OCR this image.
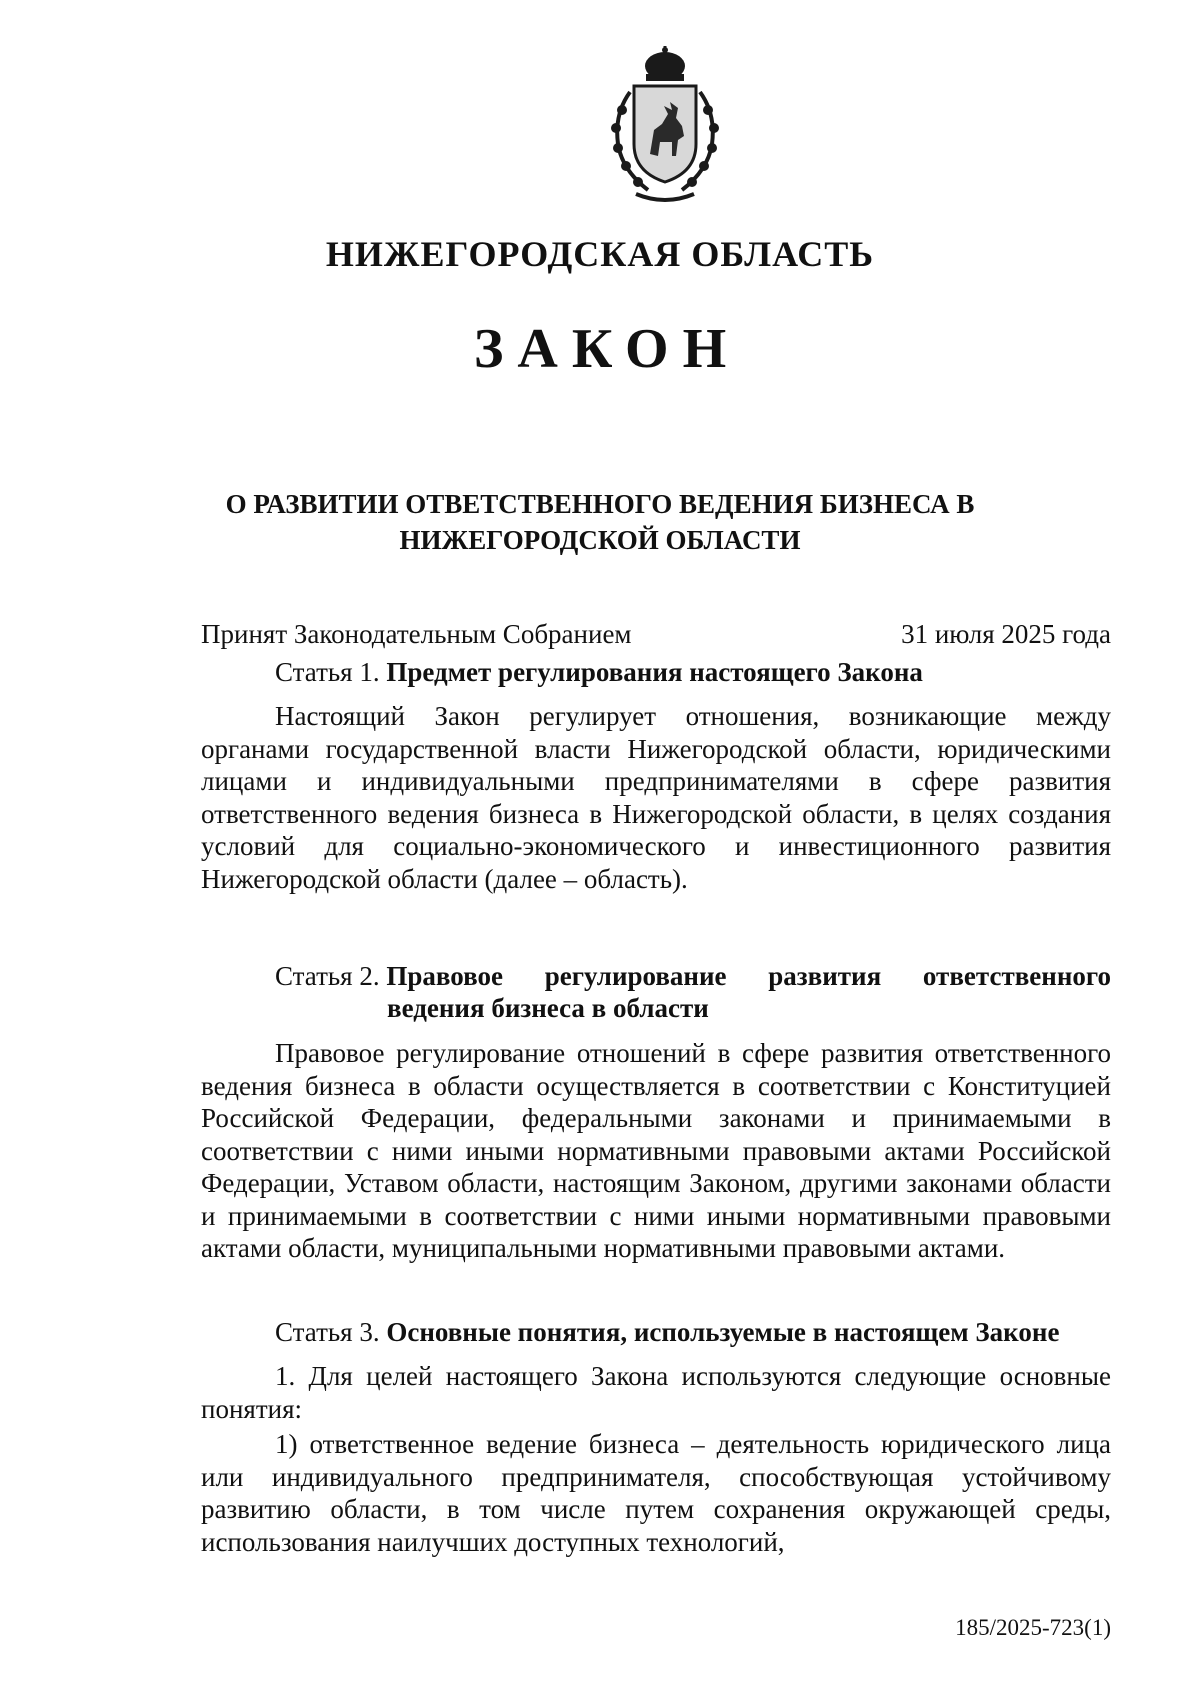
НИЖЕГОРОДСКАЯ ОБЛАСТЬ
ЗАКОН
О РАЗВИТИИ ОТВЕТСТВЕННОГО ВЕДЕНИЯ БИЗНЕСА В НИЖЕГОРОДСКОЙ ОБЛАСТИ
Принят Законодательным Собранием	31 июля 2025 года
Статья 1. Предмет регулирования настоящего Закона
Настоящий Закон регулирует отношения, возникающие между органами государственной власти Нижегородской области, юридическими лицами и индивидуальными предпринимателями в сфере развития ответственного ведения бизнеса в Нижегородской области, в целях создания условий для социально-экономического и инвестиционного развития Нижегородской области (далее – область).
Статья 2. Правовое регулирование развития ответственного
ведения бизнеса в области
Правовое регулирование отношений в сфере развития ответственного ведения бизнеса в области осуществляется в соответствии с Конституцией Российской Федерации, федеральными законами и принимаемыми в соответствии с ними иными нормативными правовыми актами Российской Федерации, Уставом области, настоящим Законом, другими законами области и принимаемыми в соответствии с ними иными нормативными правовыми актами области, муниципальными нормативными правовыми актами.
Статья 3. Основные понятия, используемые в настоящем Законе
1. Для целей настоящего Закона используются следующие основные понятия:
1) ответственное ведение бизнеса – деятельность юридического лица или индивидуального предпринимателя, способствующая устойчивому развитию области, в том числе путем сохранения окружающей среды, использования наилучших доступных технологий,
185/2025-723(1)
